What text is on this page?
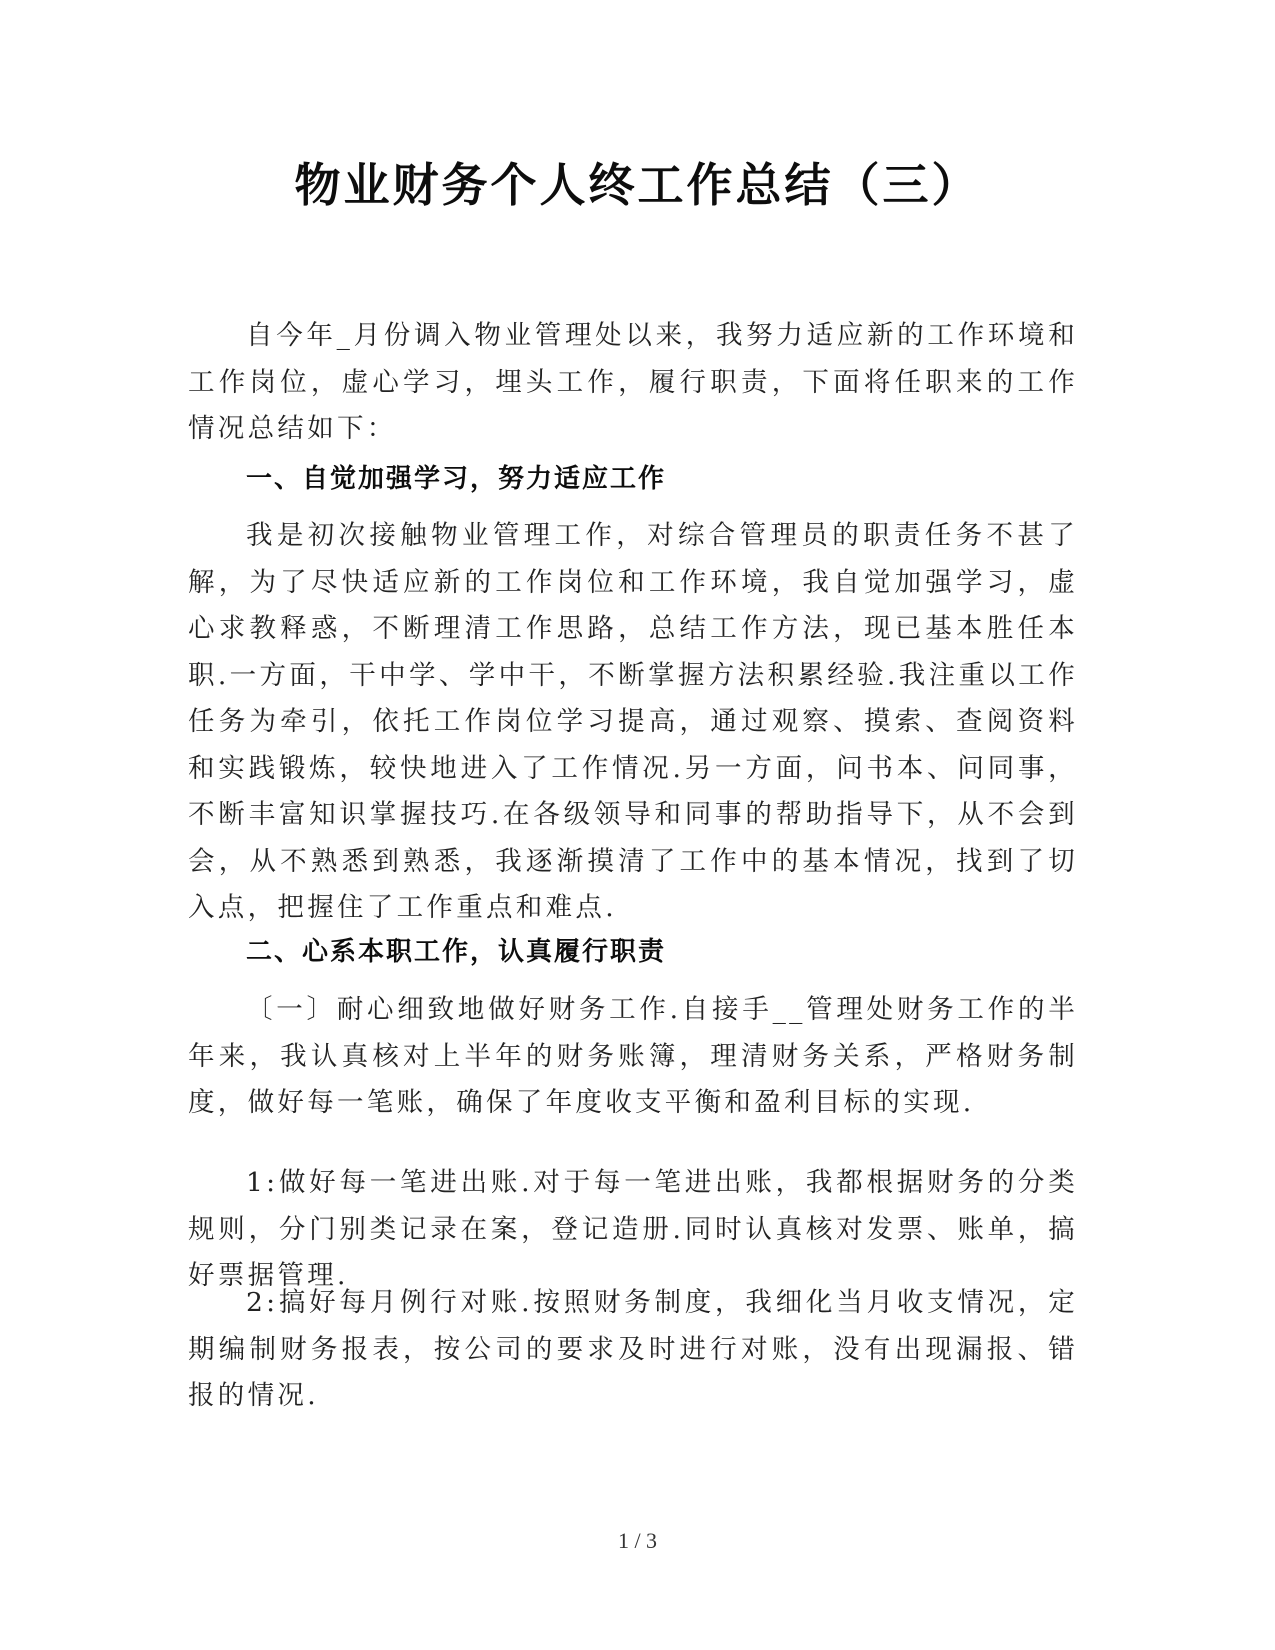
物业财务个人终工作总结（三）

自今年_月份调入物业管理处以来，我努力适应新的工作环境和工作岗位，虚心学习，埋头工作，履行职责，下面将任职来的工作情况总结如下：

一、自觉加强学习，努力适应工作

我是初次接触物业管理工作，对综合管理员的职责任务不甚了解，为了尽快适应新的工作岗位和工作环境，我自觉加强学习，虚心求教释惑，不断理清工作思路，总结工作方法，现已基本胜任本职.一方面，干中学、学中干，不断掌握方法积累经验.我注重以工作任务为牵引，依托工作岗位学习提高，通过观察、摸索、查阅资料和实践锻炼，较快地进入了工作情况.另一方面，问书本、问同事，不断丰富知识掌握技巧.在各级领导和同事的帮助指导下，从不会到会，从不熟悉到熟悉，我逐渐摸清了工作中的基本情况，找到了切入点，把握住了工作重点和难点.

二、心系本职工作，认真履行职责

〔一〕耐心细致地做好财务工作.自接手__管理处财务工作的半年来，我认真核对上半年的财务账簿，理清财务关系，严格财务制度，做好每一笔账，确保了年度收支平衡和盈利目标的实现.

1:做好每一笔进出账.对于每一笔进出账，我都根据财务的分类规则，分门别类记录在案，登记造册.同时认真核对发票、账单，搞好票据管理.

2:搞好每月例行对账.按照财务制度，我细化当月收支情况，定期编制财务报表，按公司的要求及时进行对账，没有出现漏报、错报的情况.

1 / 3
